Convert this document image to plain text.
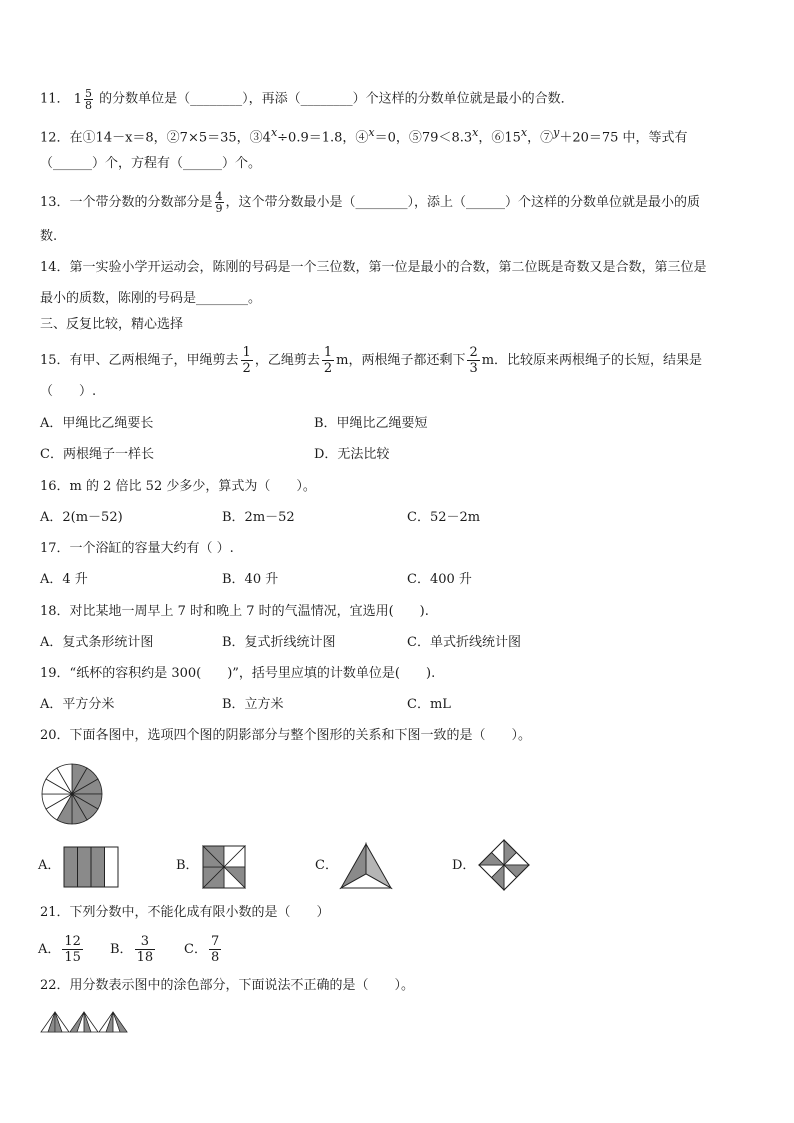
11． 1 5
8 的分数单位是（________），再添（________）个这样的分数单位就是最小的合数．
12．在①14－x＝8，②7×5＝35，$③4^x\div 0.9=1.8$，④$^x$＝0，$⑤79<8.3^x$，⑥15$^x$，⑦$^y$＋20＝75 中，等式有
（______）个，方程有（______）个。
13．一个带分数的分数部分是 $\frac{4}{9}$ ，这个带分数最小是（________），添上（______）个这样的分数单位就是最小的质
数.
14．第一实验小学开运动会，陈刚的号码是一个三位数，第一位是最小的合数，第二位既是奇数又是合数，第三位是
最小的质数，陈刚的号码是________。
三、反复比较，精心选择
15．有甲、乙两根绳子，甲绳剪去 $\frac{1}{2}$ ，乙绳剪去 $\frac{1}{2}$ m，两根绳子都还剩下 $\frac{2}{3}$ m．比较原来两根绳子的长短，结果是
（　　）.
A．甲绳比乙绳要长	B．甲绳比乙绳要短
C．两根绳子一样长	D．无法比较
16．m 的 2 倍比 52 少多少，算式为（　　）。
A．2(m－52)	B．2m－52	C．52－2m
17．一个浴缸的容量大约有（ ）.
A．4 升	B．40 升	C．400 升
18．对比某地一周早上 7 时和晚上 7 时的气温情况，宜选用(　　).
A．复式条形统计图	B．复式折线统计图	C．单式折线统计图
19．“纸杯的容积约是 300(　　)”，括号里应填的计数单位是(　　).
A．平方分米	B．立方米	C．mL
20．下面各图中，选项四个图的阴影部分与整个图形的关系和下图一致的是（　　）。
A．	B．	C．	D．
21．下列分数中，不能化成有限小数的是（　　）
A． $\frac{12}{15}$ B． $\frac{3}{18}$ C． $\frac{7}{8}$
22．用分数表示图中的涂色部分，下面说法不正确的是（　　）。
